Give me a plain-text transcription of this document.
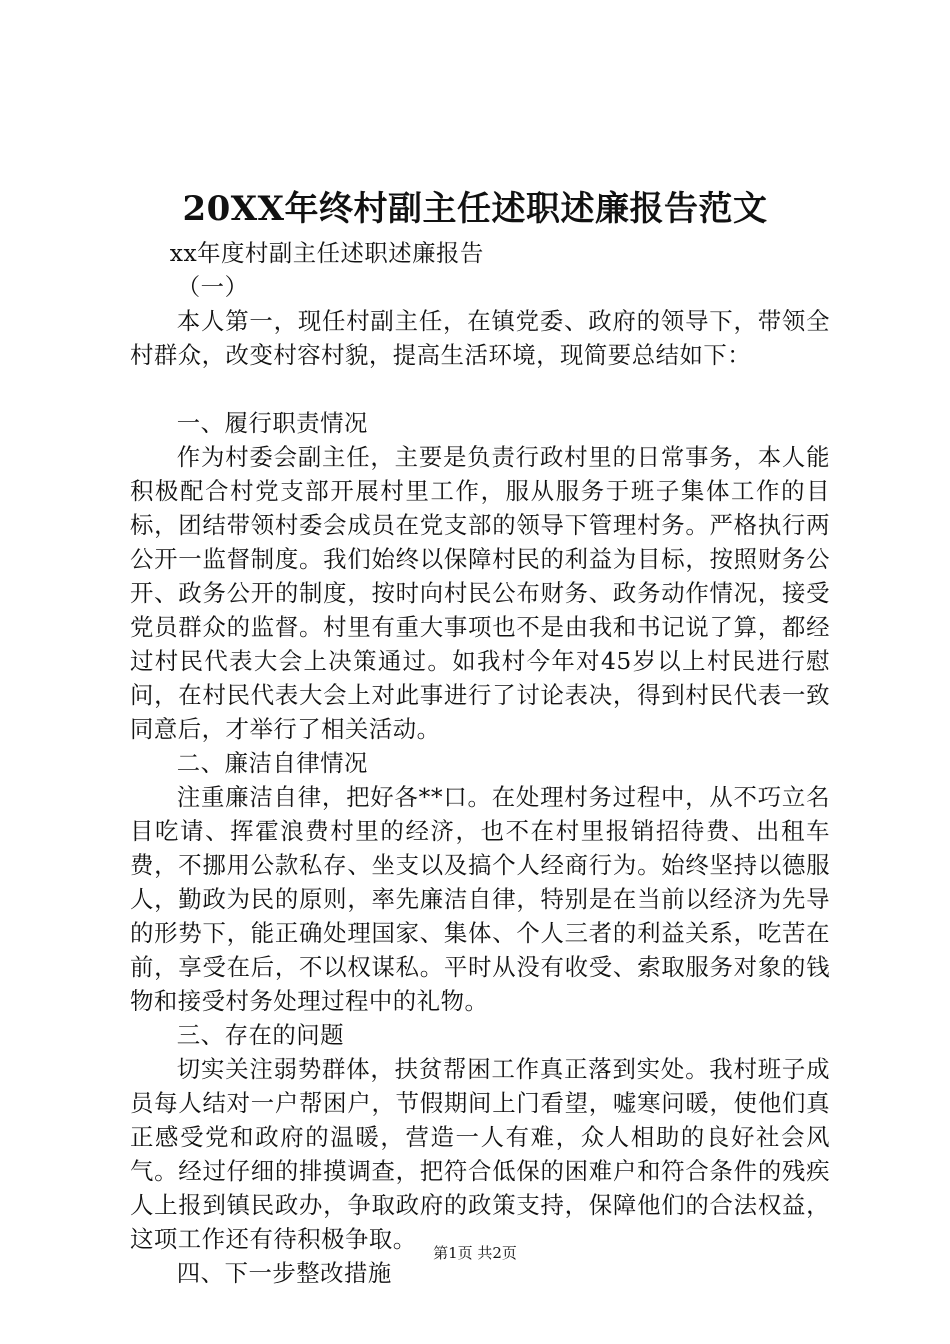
20XX年终村副主任述职述廉报告范文

xx年度村副主任述职述廉报告

（一）

本人第一，现任村副主任，在镇党委、政府的领导下，带领全村群众，改变村容村貌，提高生活环境，现简要总结如下：

一、履行职责情况

作为村委会副主任，主要是负责行政村里的日常事务，本人能积极配合村党支部开展村里工作，服从服务于班子集体工作的目标，团结带领村委会成员在党支部的领导下管理村务。严格执行两公开一监督制度。我们始终以保障村民的利益为目标，按照财务公开、政务公开的制度，按时向村民公布财务、政务动作情况，接受党员群众的监督。村里有重大事项也不是由我和书记说了算，都经过村民代表大会上决策通过。如我村今年对45岁以上村民进行慰问，在村民代表大会上对此事进行了讨论表决，得到村民代表一致同意后，才举行了相关活动。

二、廉洁自律情况

注重廉洁自律，把好各**口。在处理村务过程中，从不巧立名目吃请、挥霍浪费村里的经济，也不在村里报销招待费、出租车费，不挪用公款私存、坐支以及搞个人经商行为。始终坚持以德服人，勤政为民的原则，率先廉洁自律，特别是在当前以经济为先导的形势下，能正确处理国家、集体、个人三者的利益关系，吃苦在前，享受在后，不以权谋私。平时从没有收受、索取服务对象的钱物和接受村务处理过程中的礼物。

三、存在的问题

切实关注弱势群体，扶贫帮困工作真正落到实处。我村班子成员每人结对一户帮困户，节假期间上门看望，嘘寒问暖，使他们真正感受党和政府的温暖，营造一人有难，众人相助的良好社会风气。经过仔细的排摸调查，把符合低保的困难户和符合条件的残疾人上报到镇民政办，争取政府的政策支持，保障他们的合法权益，这项工作还有待积极争取。

四、下一步整改措施

第1页 共2页
